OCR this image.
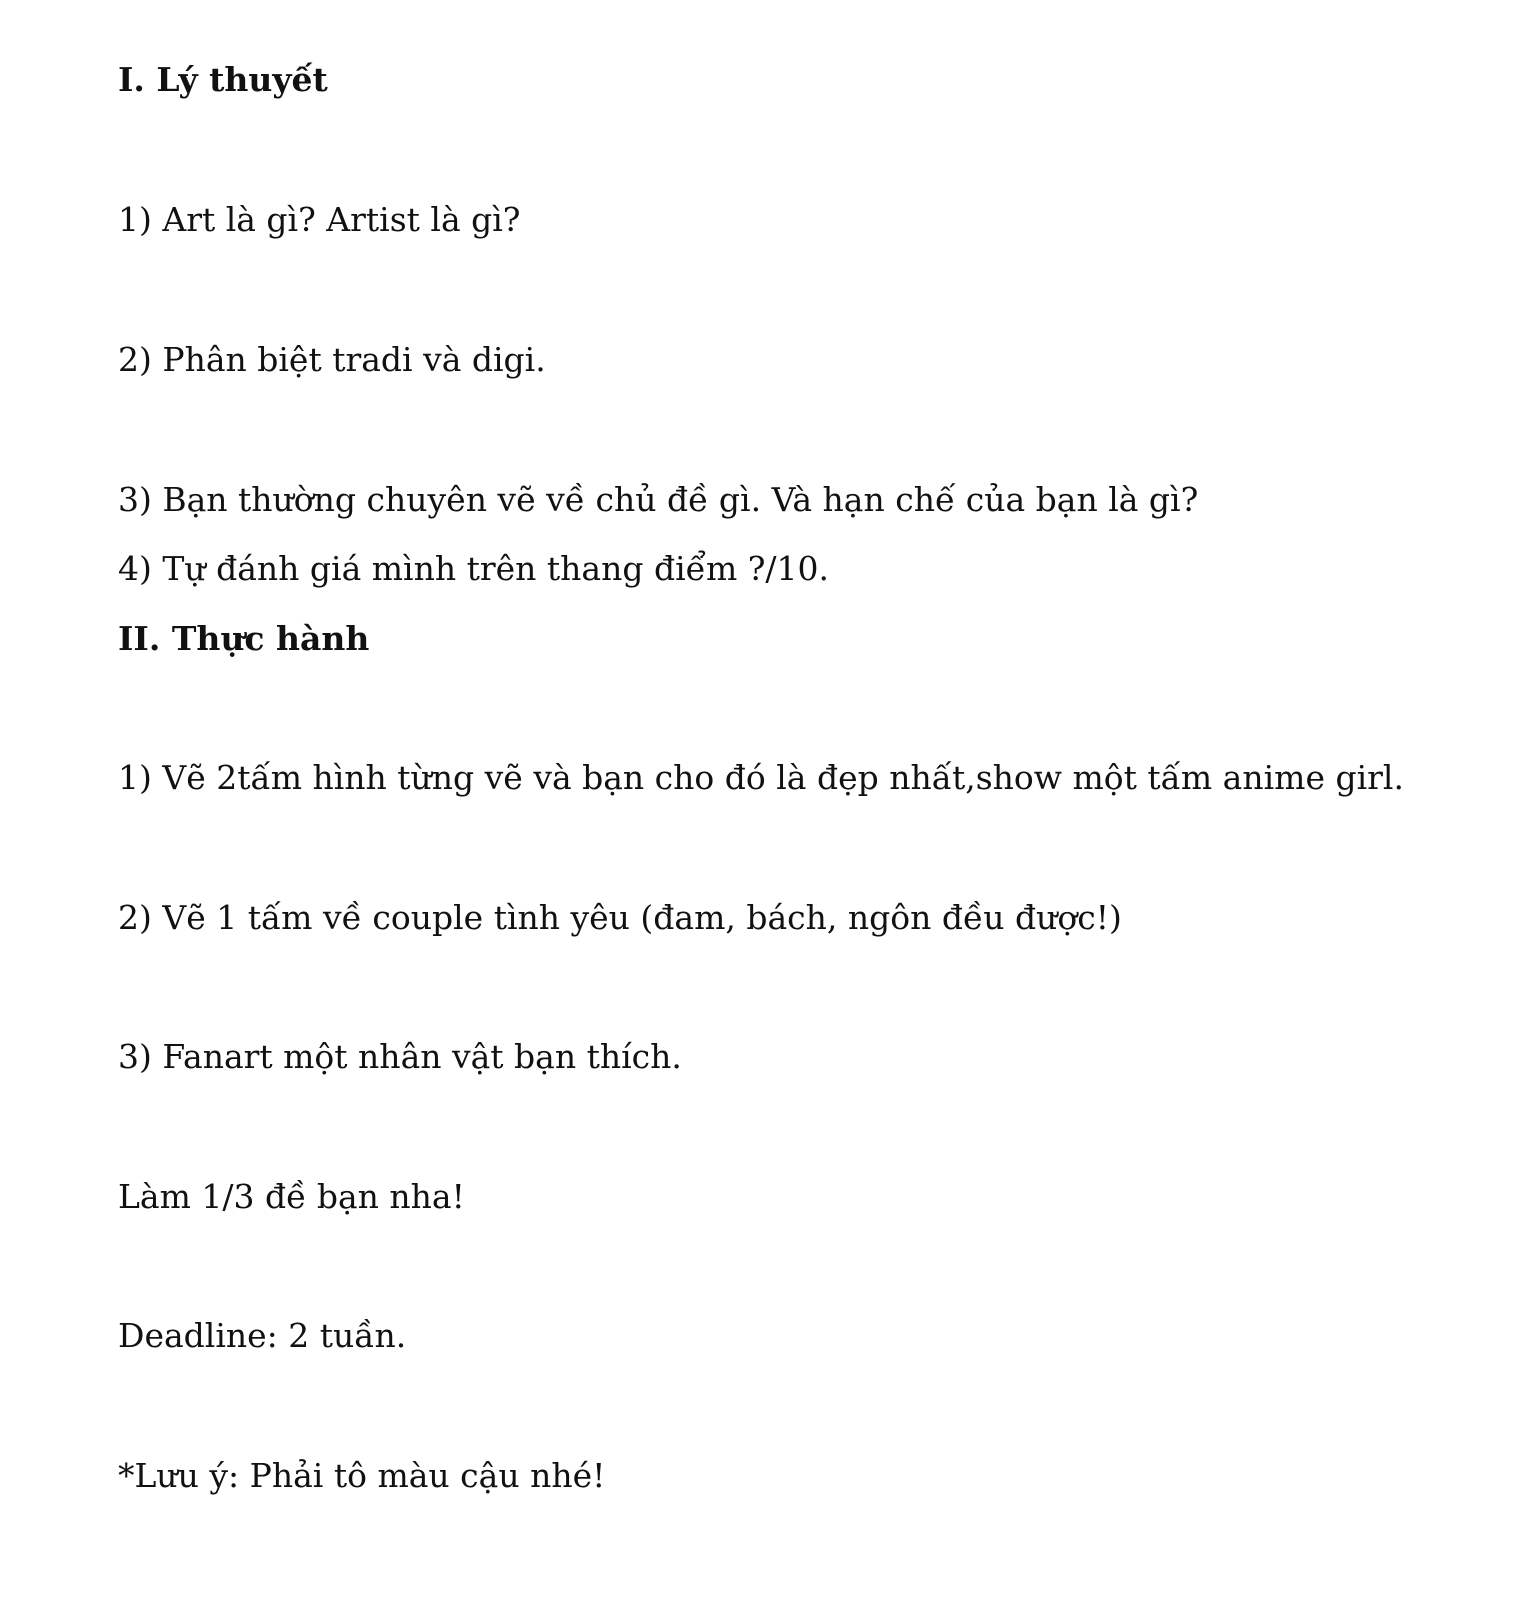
I. Lý thuyết

1) Art là gì? Artist là gì?

2) Phân biệt tradi và digi.

3) Bạn thường chuyên vẽ về chủ đề gì. Và hạn chế của bạn là gì?

4) Tự đánh giá mình trên thang điểm ?/10.

II. Thực hành

1) Vẽ 2tấm hình từng vẽ và bạn cho đó là đẹp nhất,show một tấm anime girl.

2) Vẽ 1 tấm về couple tình yêu (đam, bách, ngôn đều được!)

3) Fanart một nhân vật bạn thích.

Làm 1/3 đề bạn nha!

Deadline: 2 tuần.

*Lưu ý: Phải tô màu cậu nhé!
